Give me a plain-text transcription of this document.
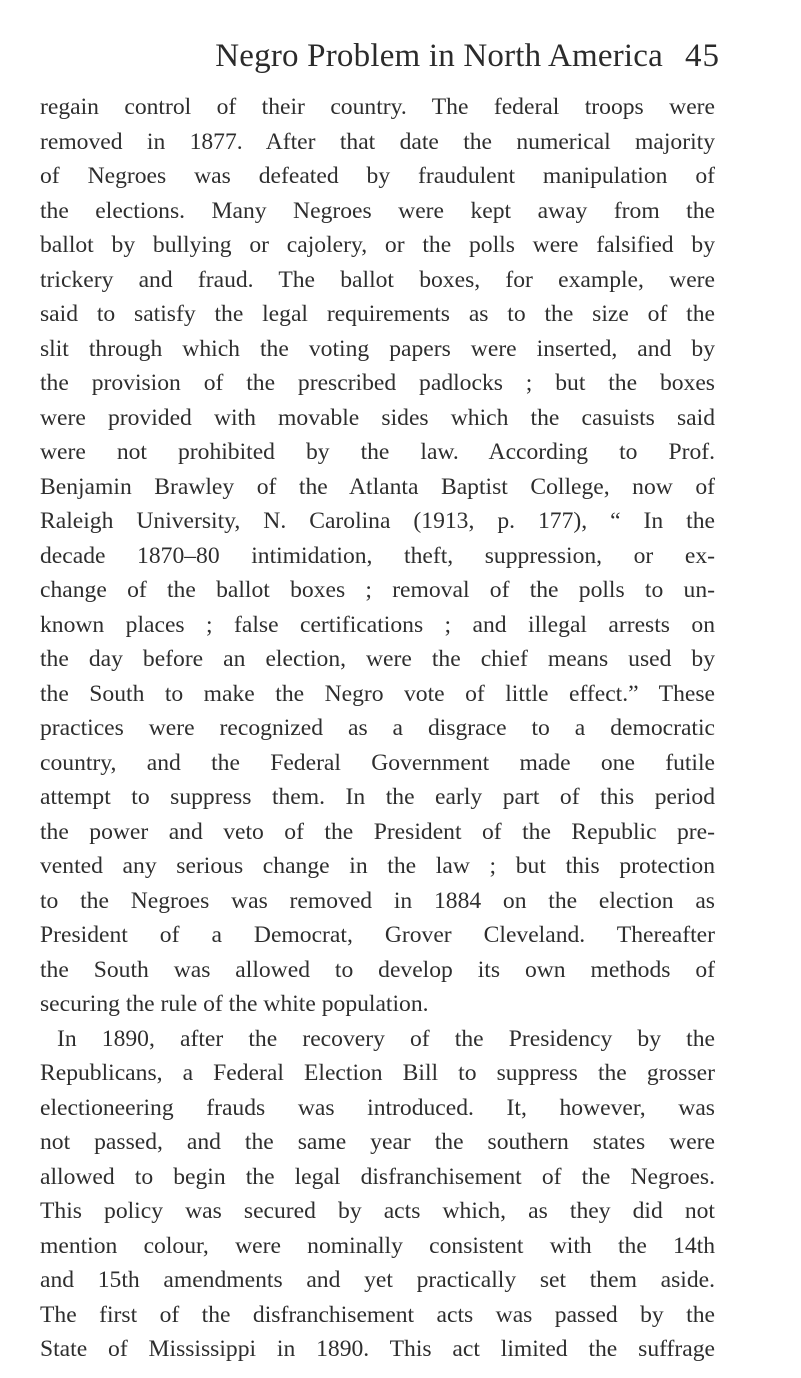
Negro Problem in North America 45
regain control of their country. The federal troops were
removed in 1877. After that date the numerical majority
of Negroes was defeated by fraudulent manipulation of
the elections. Many Negroes were kept away from the
ballot by bullying or cajolery, or the polls were falsified by
trickery and fraud. The ballot boxes, for example, were
said to satisfy the legal requirements as to the size of the
slit through which the voting papers were inserted, and by
the provision of the prescribed padlocks ; but the boxes
were provided with movable sides which the casuists said
were not prohibited by the law. According to Prof.
Benjamin Brawley of the Atlanta Baptist College, now of
Raleigh University, N. Carolina (1913, p. 177), “ In the
decade 1870–80 intimidation, theft, suppression, or ex-
change of the ballot boxes ; removal of the polls to un-
known places ; false certifications ; and illegal arrests on
the day before an election, were the chief means used by
the South to make the Negro vote of little effect.” These
practices were recognized as a disgrace to a democratic
country, and the Federal Government made one futile
attempt to suppress them. In the early part of this period
the power and veto of the President of the Republic pre-
vented any serious change in the law ; but this protection
to the Negroes was removed in 1884 on the election as
President of a Democrat, Grover Cleveland. Thereafter
the South was allowed to develop its own methods of
securing the rule of the white population.
In 1890, after the recovery of the Presidency by the
Republicans, a Federal Election Bill to suppress the grosser
electioneering frauds was introduced. It, however, was
not passed, and the same year the southern states were
allowed to begin the legal disfranchisement of the Negroes.
This policy was secured by acts which, as they did not
mention colour, were nominally consistent with the 14th
and 15th amendments and yet practically set them aside.
The first of the disfranchisement acts was passed by the
State of Mississippi in 1890. This act limited the suffrage
